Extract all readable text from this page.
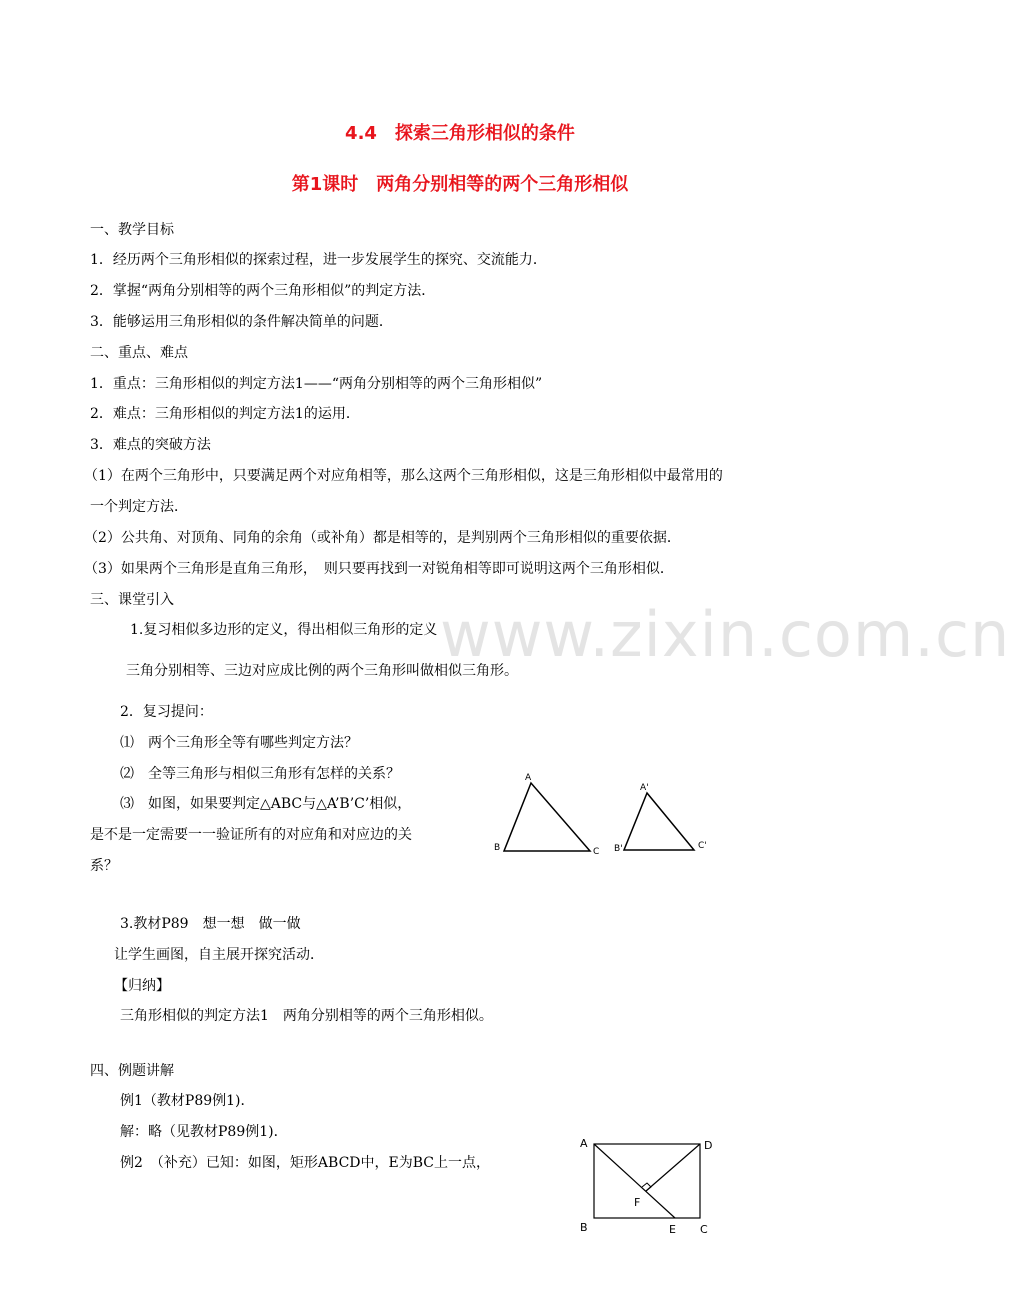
www.zixin.com.cn
4.4　探索三角形相似的条件
第1课时　两角分别相等的两个三角形相似
一、教学目标
1．经历两个三角形相似的探索过程，进一步发展学生的探究、交流能力．
2．掌握“两角分别相等的两个三角形相似”的判定方法．
3．能够运用三角形相似的条件解决简单的问题．
二、重点、难点
1．重点：三角形相似的判定方法1——“两角分别相等的两个三角形相似”
2．难点：三角形相似的判定方法1的运用．
3．难点的突破方法
（1）在两个三角形中，只要满足两个对应角相等，那么这两个三角形相似，这是三角形相似中最常用的
一个判定方法．
（2）公共角、对顶角、同角的余角（或补角）都是相等的，是判别两个三角形相似的重要依据．
（3）如果两个三角形是直角三角形，　则只要再找到一对锐角相等即可说明这两个三角形相似．
三、课堂引入
1.复习相似多边形的定义，得出相似三角形的定义
三角分别相等、三边对应成比例的两个三角形叫做相似三角形。
2．复习提问：
⑴　两个三角形全等有哪些判定方法？
⑵　全等三角形与相似三角形有怎样的关系？
⑶　如图，如果要判定△ABC与△A’B’C’相似，
是不是一定需要一一验证所有的对应角和对应边的关
系？
A
B	C
A'
B'	C'
3.教材P89　想一想　做一做
让学生画图，自主展开探究活动．
【归纳】
三角形相似的判定方法1　两角分别相等的两个三角形相似。
四、例题讲解
例1（教材P89例1)．
解：略（见教材P89例1)．
例2　（补充）已知：如图，矩形ABCD中，E为BC上一点，
A	D
F
B	E C
